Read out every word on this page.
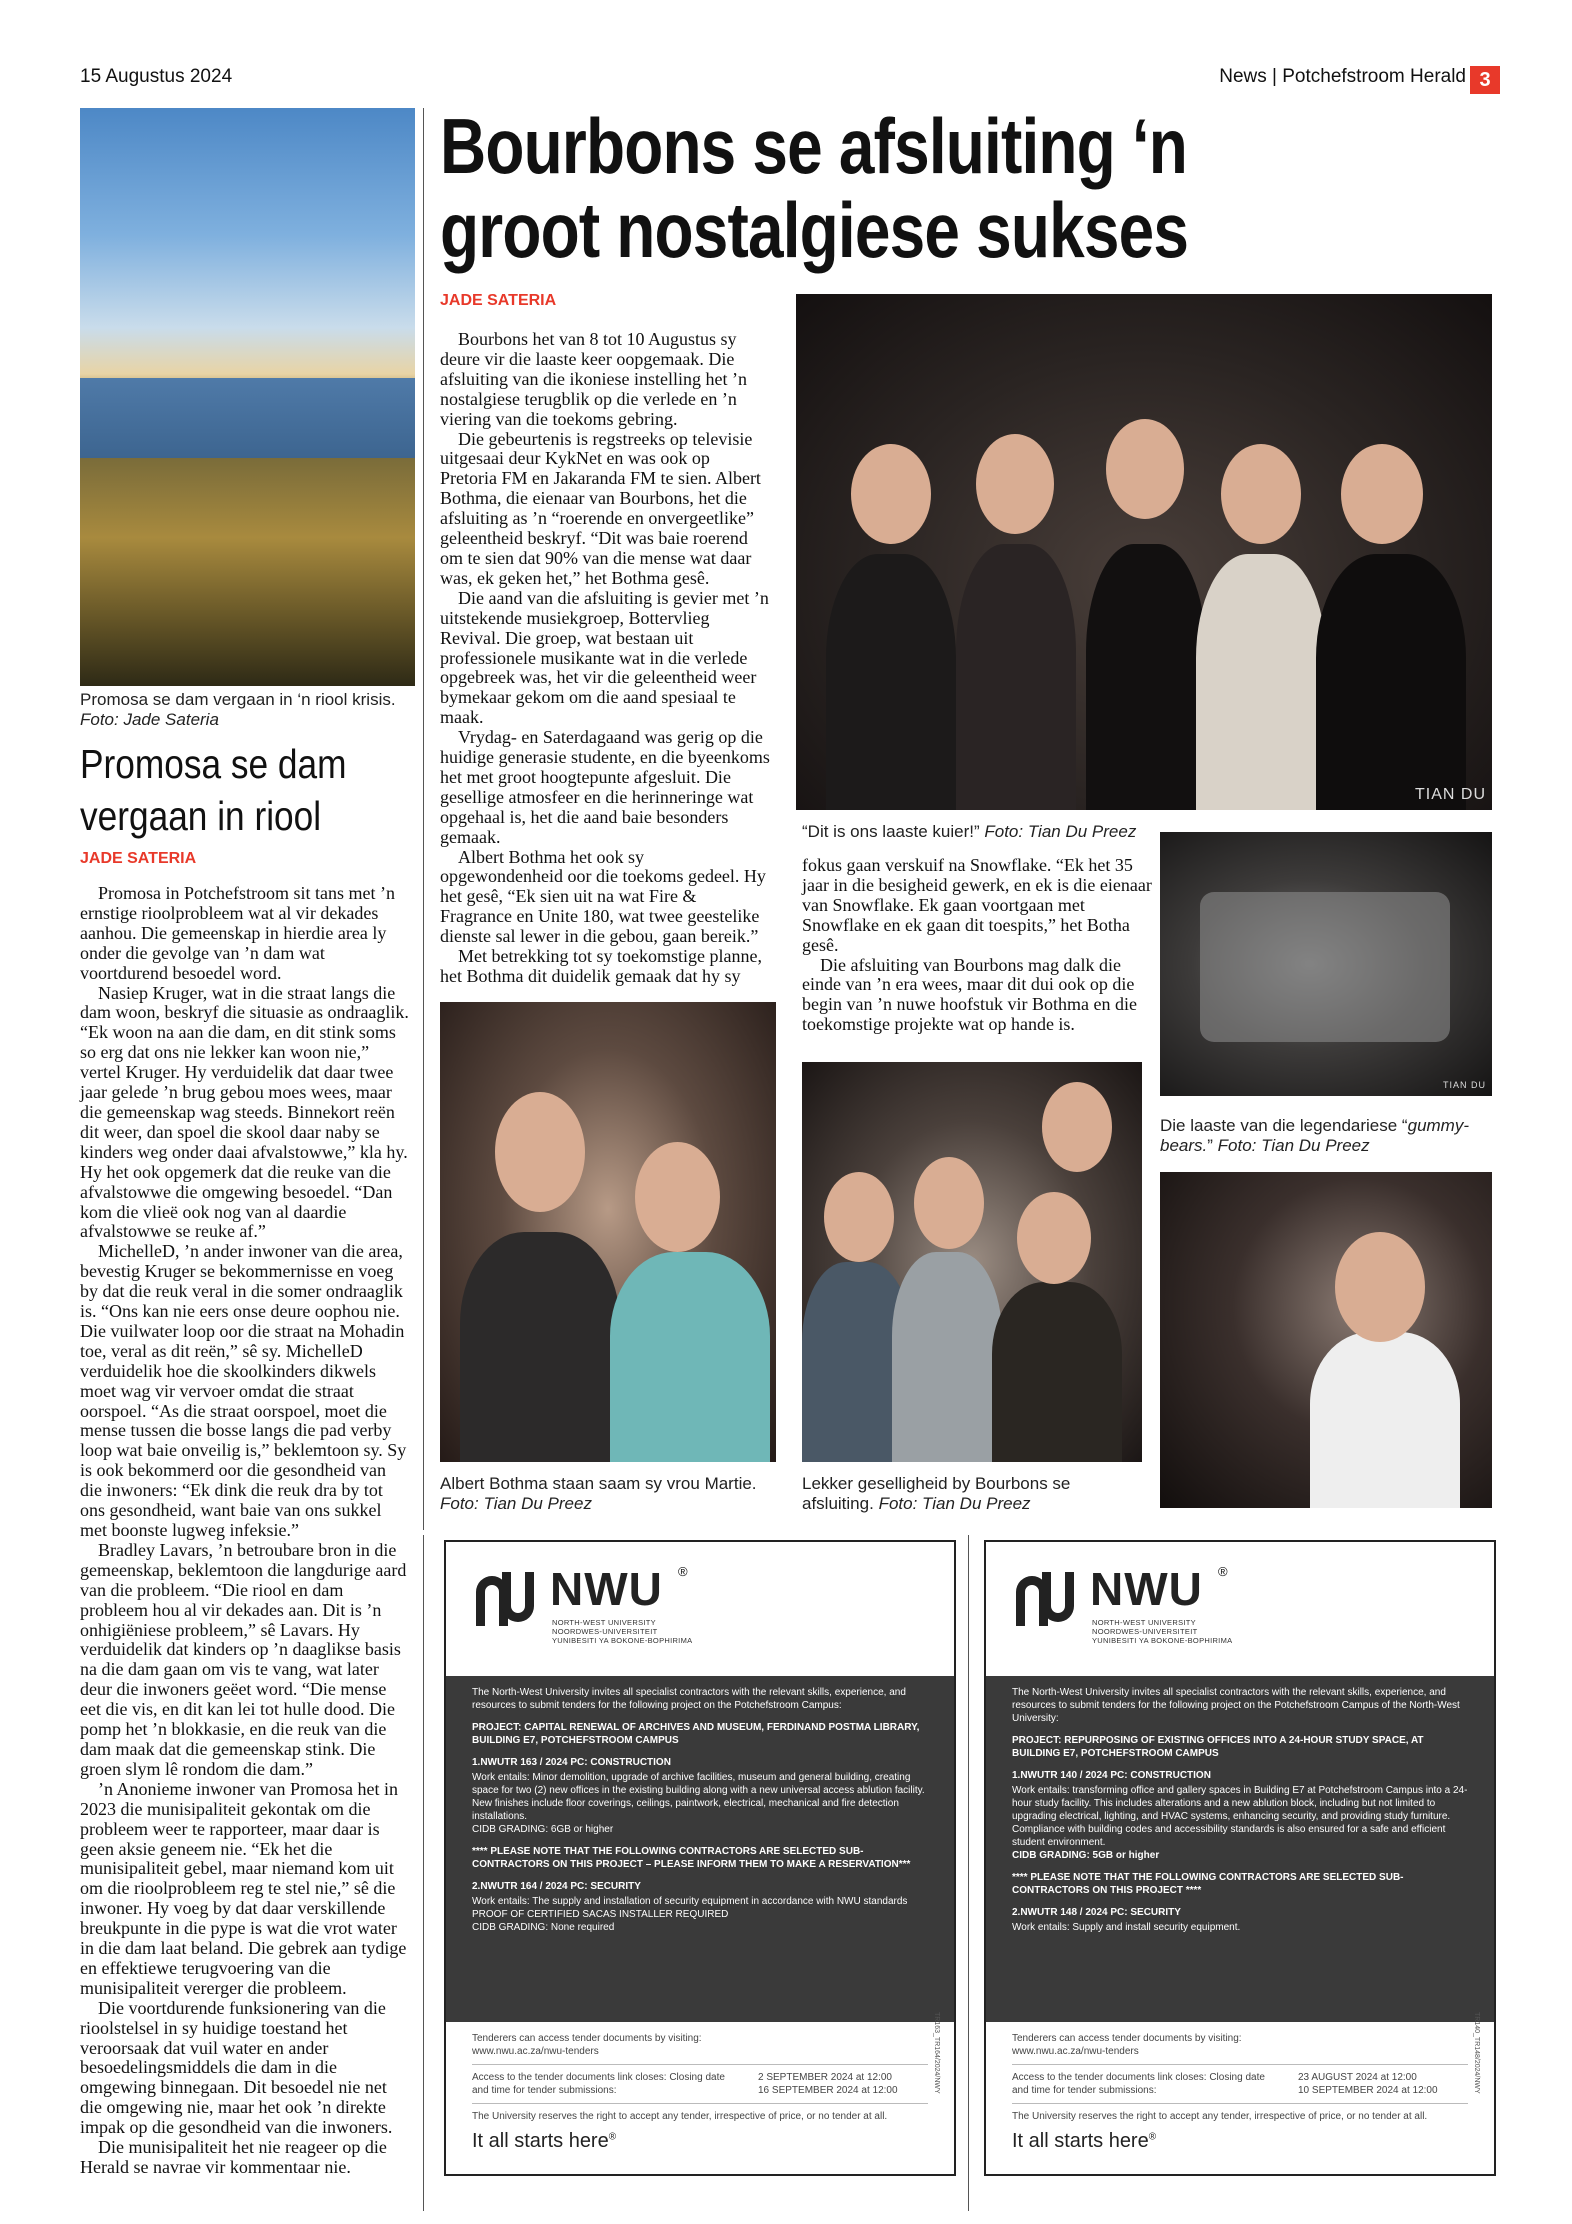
15 Augustus 2024	News | Potchefstroom Herald 3
Promosa se dam vergaan in ‘n riool krisis.
Foto: Jade Sateria
Promosa se dam
vergaan in riool
JADE SATERIA

Promosa in Potchefstroom sit tans met ’n ernstige rioolprobleem wat al vir dekades aanhou. Die gemeenskap in hierdie area ly onder die gevolge van ’n dam wat voortdurend besoedel word.

Nasiep Kruger, wat in die straat langs die dam woon, beskryf die situasie as ondraaglik. “Ek woon na aan die dam, en dit stink soms so erg dat ons nie lekker kan woon nie,” vertel Kruger. Hy verduidelik dat daar twee jaar gelede ’n brug gebou moes wees, maar die gemeenskap wag steeds. Binnekort reën dit weer, dan spoel die skool daar naby se kinders weg onder daai afvalstowwe,” kla hy. Hy het ook opgemerk dat die reuke van die afvalstowwe die omgewing besoedel. “Dan kom die vlieë ook nog van al daardie afvalstowwe se reuke af.”

MichelleD, ’n ander inwoner van die area, bevestig Kruger se bekommernisse en voeg by dat die reuk veral in die somer ondraaglik is. “Ons kan nie eers onse deure oophou nie. Die vuilwater loop oor die straat na Mohadin toe, veral as dit reën,” sê sy. MichelleD verduidelik hoe die skoolkinders dikwels moet wag vir vervoer omdat die straat oorspoel. “As die straat oorspoel, moet die mense tussen die bosse langs die pad verby loop wat baie onveilig is,” beklemtoon sy. Sy is ook bekommerd oor die gesondheid van die inwoners: “Ek dink die reuk dra by tot ons gesondheid, want baie van ons sukkel met boonste lugweg infeksie.”

Bradley Lavars, ’n betroubare bron in die gemeenskap, beklemtoon die langdurige aard van die probleem. “Die riool en dam probleem hou al vir dekades aan. Dit is ’n onhigiëniese probleem,” sê Lavars. Hy verduidelik dat kinders op ’n daaglikse basis na die dam gaan om vis te vang, wat later deur die inwoners geëet word. “Die mense eet die vis, en dit kan lei tot hulle dood. Die pomp het ’n blokkasie, en die reuk van die dam maak dat die gemeenskap stink. Die groen slym lê rondom die dam.”

’n Anonieme inwoner van Promosa het in 2023 die munisipaliteit gekontak om die probleem weer te rapporteer, maar daar is geen aksie geneem nie. “Ek het die munisipaliteit gebel, maar niemand kom uit om die rioolprobleem reg te stel nie,” sê die inwoner. Hy voeg by dat daar verskillende breukpunte in die pype is wat die vrot water in die dam laat beland. Die gebrek aan tydige en effektiewe terugvoering van die munisipaliteit vererger die probleem.

Die voortdurende funksionering van die rioolstelsel in sy huidige toestand het veroorsaak dat vuil water en ander besoedelingsmiddels die dam in die omgewing binnegaan. Dit besoedel nie net die omgewing nie, maar het ook ’n direkte impak op die gesondheid van die inwoners.

Die munisipaliteit het nie reageer op die Herald se navrae vir kommentaar nie.

Bourbons se afsluiting ‘n
groot nostalgiese sukses
JADE SATERIA

Bourbons het van 8 tot 10 Augustus sy deure vir die laaste keer oopgemaak. Die afsluiting van die ikoniese instelling het ’n nostalgiese terugblik op die verlede en ’n viering van die toekoms gebring.

Die gebeurtenis is regstreeks op televisie uitgesaai deur KykNet en was ook op Pretoria FM en Jakaranda FM te sien. Albert Bothma, die eienaar van Bourbons, het die afsluiting as ’n “roerende en onvergeetlike” geleentheid beskryf. “Dit was baie roerend om te sien dat 90% van die mense wat daar was, ek geken het,” het Bothma gesê.

Die aand van die afsluiting is gevier met ’n uitstekende musiekgroep, Bottervlieg Revival. Die groep, wat bestaan uit professionele musikante wat in die verlede opgebreek was, het vir die geleentheid weer bymekaar gekom om die aand spesiaal te maak.

Vrydag- en Saterdagaand was gerig op die huidige generasie studente, en die byeenkoms het met groot hoogtepunte afgesluit. Die gesellige atmosfeer en die herinneringe wat opgehaal is, het die aand baie besonders gemaak.

Albert Bothma het ook sy opgewondenheid oor die toekoms gedeel. Hy het gesê, “Ek sien uit na wat Fire & Fragrance en Unite 180, wat twee geestelike dienste sal lewer in die gebou, gaan bereik.”

Met betrekking tot sy toekomstige planne, het Bothma dit duidelik gemaak dat hy sy

TIAN DU
“Dit is ons laaste kuier!” Foto: Tian Du Preez

fokus gaan verskuif na Snowflake. “Ek het 35 jaar in die besigheid gewerk, en ek is die eienaar van Snowflake. Ek gaan voortgaan met Snowflake en ek gaan dit toespits,” het Botha gesê.

Die afsluiting van Bourbons mag dalk die einde van ’n era wees, maar dit dui ook op die begin van ’n nuwe hoofstuk vir Bothma en die toekomstige projekte wat op hande is.

TIAN DU
Die laaste van die legendariese “gummy-bears.” Foto: Tian Du Preez
Albert Bothma staan saam sy vrou Martie.
Foto: Tian Du Preez
Lekker geselligheid by Bourbons se afsluiting. Foto: Tian Du Preez
NWU ®
NORTH-WEST UNIVERSITY
NOORDWES-UNIVERSITEIT
YUNIBESITI YA BOKONE-BOPHIRIMA

The North-West University invites all specialist contractors with the relevant skills, experience, and resources to submit tenders for the following project on the Potchefstroom Campus:

PROJECT: CAPITAL RENEWAL OF ARCHIVES AND MUSEUM, FERDINAND POSTMA LIBRARY, BUILDING E7, POTCHEFSTROOM CAMPUS

1.NWUTR 163 / 2024 PC: CONSTRUCTION

Work entails: Minor demolition, upgrade of archive facilities, museum and general building, creating space for two (2) new offices in the existing building along with a new universal access ablution facility. New finishes include floor coverings, ceilings, paintwork, electrical, mechanical and fire detection installations.

CIDB GRADING: 6GB or higher

**** PLEASE NOTE THAT THE FOLLOWING CONTRACTORS ARE SELECTED SUB-CONTRACTORS ON THIS PROJECT – PLEASE INFORM THEM TO MAKE A RESERVATION***

2.NWUTR 164 / 2024 PC: SECURITY

Work entails: The supply and installation of security equipment in accordance with NWU standards

PROOF OF CERTIFIED SACAS INSTALLER REQUIRED

CIDB GRADING: None required

Tenderers can access tender documents by visiting:
www.nwu.ac.za/nwu-tenders
Access to the tender documents link closes: Closing date and time for tender submissions:
2 SEPTEMBER 2024 at 12:00
16 SEPTEMBER 2024 at 12:00
The University reserves the right to accept any tender, irrespective of price, or no tender at all.
It all starts here®
TR163_TR164/2024/NWY
NWU ®
NORTH-WEST UNIVERSITY
NOORDWES-UNIVERSITEIT
YUNIBESITI YA BOKONE-BOPHIRIMA

The North-West University invites all specialist contractors with the relevant skills, experience, and resources to submit tenders for the following project on the Potchefstroom Campus of the North-West University:

PROJECT: REPURPOSING OF EXISTING OFFICES INTO A 24-HOUR STUDY SPACE, AT BUILDING E7, POTCHEFSTROOM CAMPUS

1.NWUTR 140 / 2024 PC: CONSTRUCTION

Work entails: transforming office and gallery spaces in Building E7 at Potchefstroom Campus into a 24-hour study facility. This includes alterations and a new ablution block, including but not limited to upgrading electrical, lighting, and HVAC systems, enhancing security, and providing study furniture. Compliance with building codes and accessibility standards is also ensured for a safe and efficient student environment.

CIDB GRADING: 5GB or higher

**** PLEASE NOTE THAT THE FOLLOWING CONTRACTORS ARE SELECTED SUB-CONTRACTORS ON THIS PROJECT ****

2.NWUTR 148 / 2024 PC: SECURITY

Work entails: Supply and install security equipment.

Tenderers can access tender documents by visiting:
www.nwu.ac.za/nwu-tenders
Access to the tender documents link closes: Closing date and time for tender submissions:
23 AUGUST 2024 at 12:00
10 SEPTEMBER 2024 at 12:00
The University reserves the right to accept any tender, irrespective of price, or no tender at all.
It all starts here®
TR140_TR148/2024/NWY
